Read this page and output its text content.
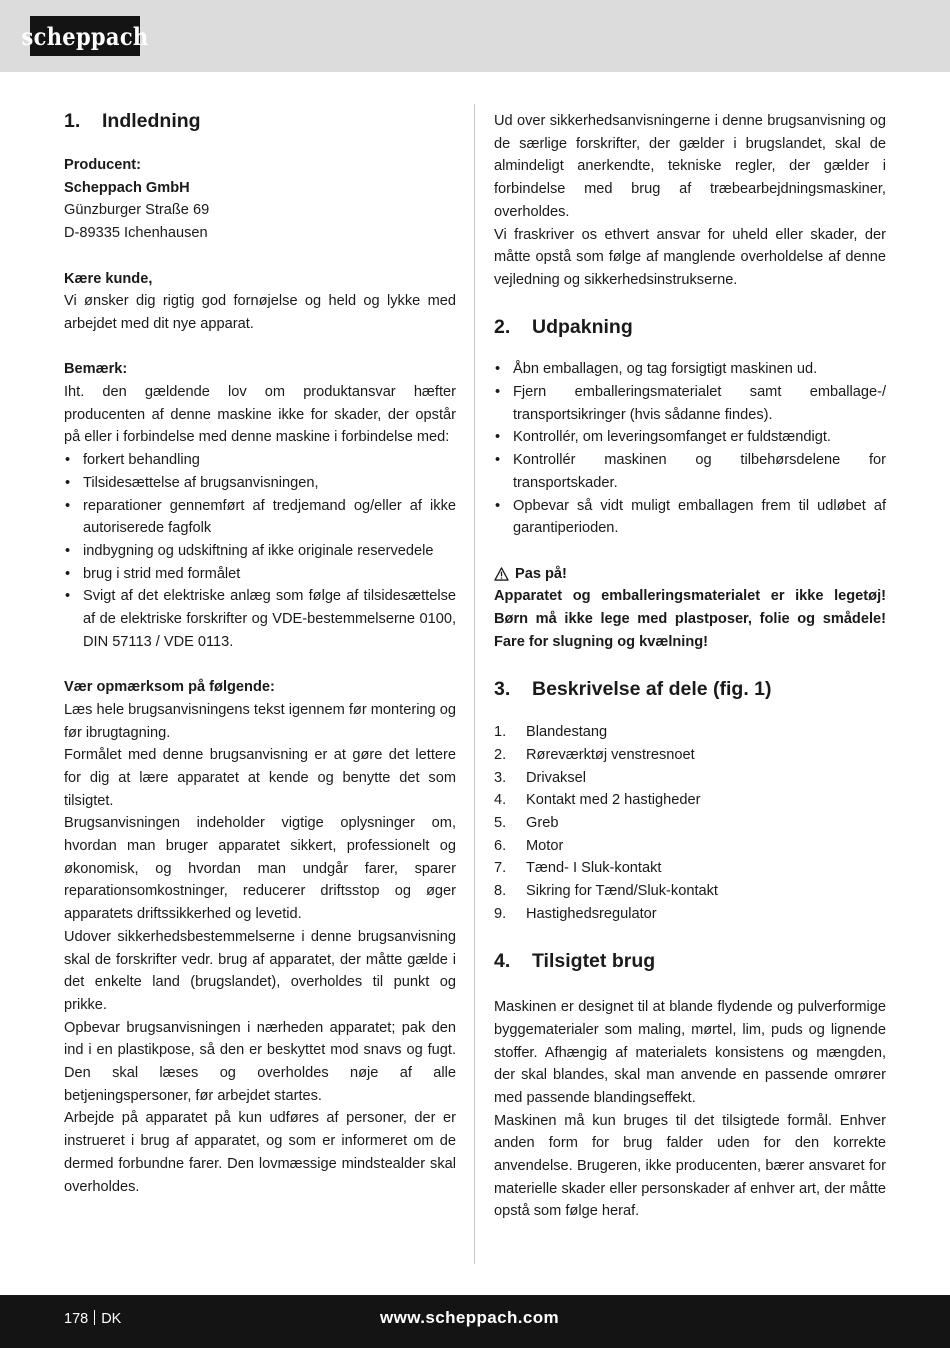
scheppach
1.	Indledning

Producent:

Scheppach GmbH

Günzburger Straße 69

D-89335 Ichenhausen

Kære kunde,

Vi ønsker dig rigtig god fornøjelse og held og lykke med arbejdet med dit nye apparat.

Bemærk:

Iht. den gældende lov om produktansvar hæfter producenten af denne maskine ikke for skader, der opstår på eller i forbindelse med denne maskine i forbindelse med:

• forkert behandling
• Tilsidesættelse af brugsanvisningen,
• reparationer gennemført af tredjemand og/eller af ikke autoriserede fagfolk
• indbygning og udskiftning af ikke originale reservedele
• brug i strid med formålet
• Svigt af det elektriske anlæg som følge af tilsidesættelse af de elektriske forskrifter og VDE-bestemmelserne 0100, DIN 57113 / VDE 0113.

Vær opmærksom på følgende:

Læs hele brugsanvisningens tekst igennem før montering og før ibrugtagning.

Formålet med denne brugsanvisning er at gøre det lettere for dig at lære apparatet at kende og benytte det som tilsigtet.

Brugsanvisningen indeholder vigtige oplysninger om, hvordan man bruger apparatet sikkert, professionelt og økonomisk, og hvordan man undgår farer, sparer reparationsomkostninger, reducerer driftsstop og øger apparatets driftssikkerhed og levetid.

Udover sikkerhedsbestemmelserne i denne brugsanvisning skal de forskrifter vedr. brug af apparatet, der måtte gælde i det enkelte land (brugslandet), overholdes til punkt og prikke.

Opbevar brugsanvisningen i nærheden apparatet; pak den ind i en plastikpose, så den er beskyttet mod snavs og fugt. Den skal læses og overholdes nøje af alle betjeningspersoner, før arbejdet startes.

Arbejde på apparatet på kun udføres af personer, der er instrueret i brug af apparatet, og som er informeret om de dermed forbundne farer. Den lovmæssige mindstealder skal overholdes.

Ud over sikkerhedsanvisningerne i denne brugsanvisning og de særlige forskrifter, der gælder i brugslandet, skal de almindeligt anerkendte, tekniske regler, der gælder i forbindelse med brug af træbearbejdningsmaskiner, overholdes.

Vi fraskriver os ethvert ansvar for uheld eller skader, der måtte opstå som følge af manglende overholdelse af denne vejledning og sikkerhedsinstrukserne.

2.	Udpakning
• Åbn emballagen, og tag forsigtigt maskinen ud.
• Fjern emballeringsmaterialet samt emballage-/ transportsikringer (hvis sådanne findes).
• Kontrollér, om leveringsomfanget er fuldstændigt.
• Kontrollér maskinen og tilbehørsdelene for transportskader.
• Opbevar så vidt muligt emballagen frem til udløbet af garantiperioden.
Pas på!

Apparatet og emballeringsmaterialet er ikke legetøj! Børn må ikke lege med plastposer, folie og smådele! Fare for slugning og kvælning!

3.	Beskrivelse af dele (fig. 1)
1.	Blandestang
2.	Røreværktøj venstresnoet
3.	Drivaksel
4.	Kontakt med 2 hastigheder
5.	Greb
6.	Motor
7.	Tænd- I Sluk-kontakt
8.	Sikring for Tænd/Sluk-kontakt
9.	Hastighedsregulator
4.	Tilsigtet brug

Maskinen er designet til at blande flydende og pulverformige byggematerialer som maling, mørtel, lim, puds og lignende stoffer. Afhængig af materialets konsistens og mængden, der skal blandes, skal man anvende en passende omrører med passende blandingseffekt.

Maskinen må kun bruges til det tilsigtede formål. Enhver anden form for brug falder uden for den korrekte anvendelse. Brugeren, ikke producenten, bærer ansvaret for materielle skader eller personskader af enhver art, der måtte opstå som følge heraf.

178 DK	www.scheppach.com
